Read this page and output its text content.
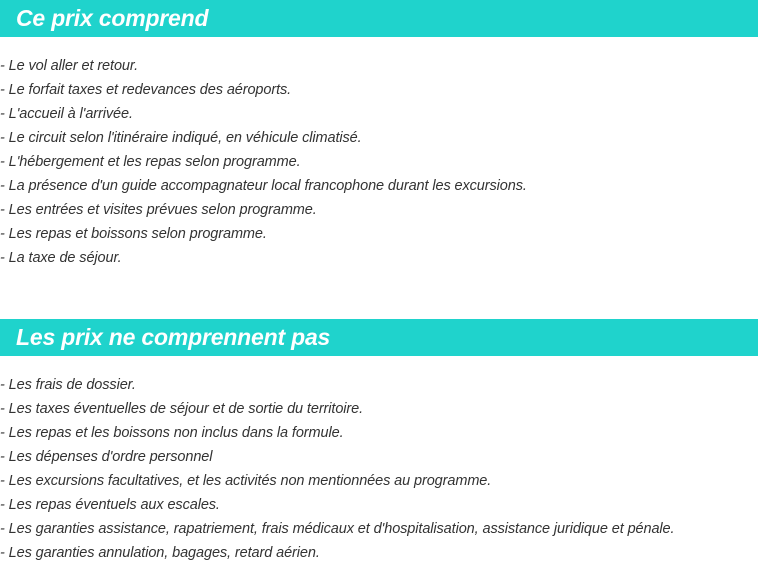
Ce prix comprend
- Le vol aller et retour.
- Le forfait taxes et redevances des aéroports.
- L'accueil à l'arrivée.
- Le circuit selon l'itinéraire indiqué, en véhicule climatisé.
- L'hébergement et les repas selon programme.
- La présence d'un guide accompagnateur local francophone durant les excursions.
- Les entrées et visites prévues selon programme.
- Les repas et boissons selon programme.
- La taxe de séjour.
Les prix ne comprennent pas
- Les frais de dossier.
- Les taxes éventuelles de séjour et de sortie du territoire.
- Les repas et les boissons non inclus dans la formule.
- Les dépenses d'ordre personnel
- Les excursions facultatives, et les activités non mentionnées au programme.
- Les repas éventuels aux escales.
- Les garanties assistance, rapatriement, frais médicaux et d'hospitalisation, assistance juridique et pénale.
- Les garanties annulation, bagages, retard aérien.
